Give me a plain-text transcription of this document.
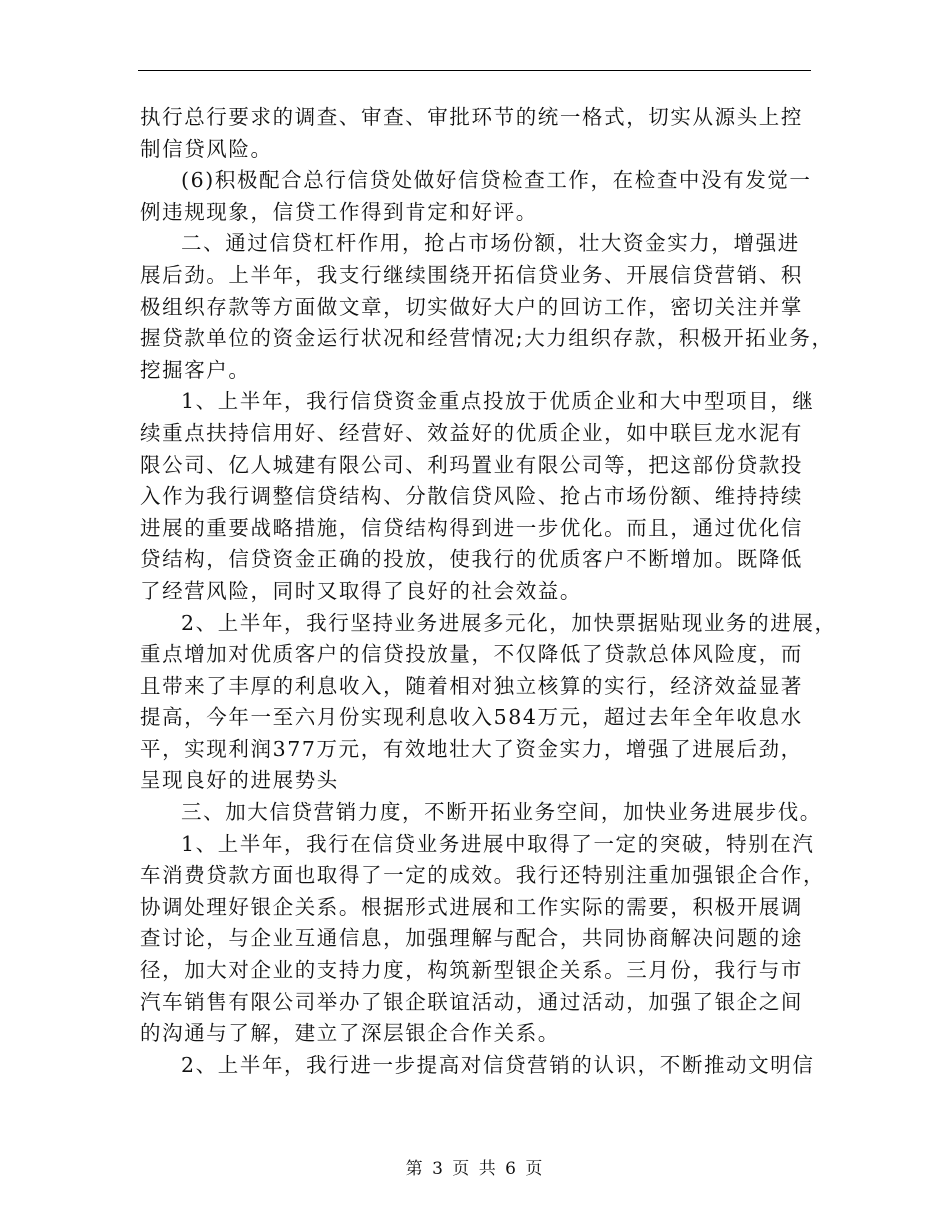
执行总行要求的调查、审查、审批环节的统一格式，切实从源头上控
制信贷风险。
(6)积极配合总行信贷处做好信贷检查工作，在检查中没有发觉一
例违规现象，信贷工作得到肯定和好评。
二、通过信贷杠杆作用，抢占市场份额，壮大资金实力，增强进
展后劲。上半年，我支行继续围绕开拓信贷业务、开展信贷营销、积
极组织存款等方面做文章，切实做好大户的回访工作，密切关注并掌
握贷款单位的资金运行状况和经营情况;大力组织存款，积极开拓业务，
挖掘客户。
1、上半年，我行信贷资金重点投放于优质企业和大中型项目，继
续重点扶持信用好、经营好、效益好的优质企业，如中联巨龙水泥有
限公司、亿人城建有限公司、利玛置业有限公司等，把这部份贷款投
入作为我行调整信贷结构、分散信贷风险、抢占市场份额、维持持续
进展的重要战略措施，信贷结构得到进一步优化。而且，通过优化信
贷结构，信贷资金正确的投放，使我行的优质客户不断增加。既降低
了经营风险，同时又取得了良好的社会效益。
2、上半年，我行坚持业务进展多元化，加快票据贴现业务的进展，
重点增加对优质客户的信贷投放量，不仅降低了贷款总体风险度，而
且带来了丰厚的利息收入，随着相对独立核算的实行，经济效益显著
提高，今年一至六月份实现利息收入584万元，超过去年全年收息水
平，实现利润377万元，有效地壮大了资金实力，增强了进展后劲，
呈现良好的进展势头
三、加大信贷营销力度，不断开拓业务空间，加快业务进展步伐。
1、上半年，我行在信贷业务进展中取得了一定的突破，特别在汽
车消费贷款方面也取得了一定的成效。我行还特别注重加强银企合作，
协调处理好银企关系。根据形式进展和工作实际的需要，积极开展调
查讨论，与企业互通信息，加强理解与配合，共同协商解决问题的途
径，加大对企业的支持力度，构筑新型银企关系。三月份，我行与市
汽车销售有限公司举办了银企联谊活动，通过活动，加强了银企之间
的沟通与了解，建立了深层银企合作关系。
2、上半年，我行进一步提高对信贷营销的认识，不断推动文明信
第 3 页 共 6 页
